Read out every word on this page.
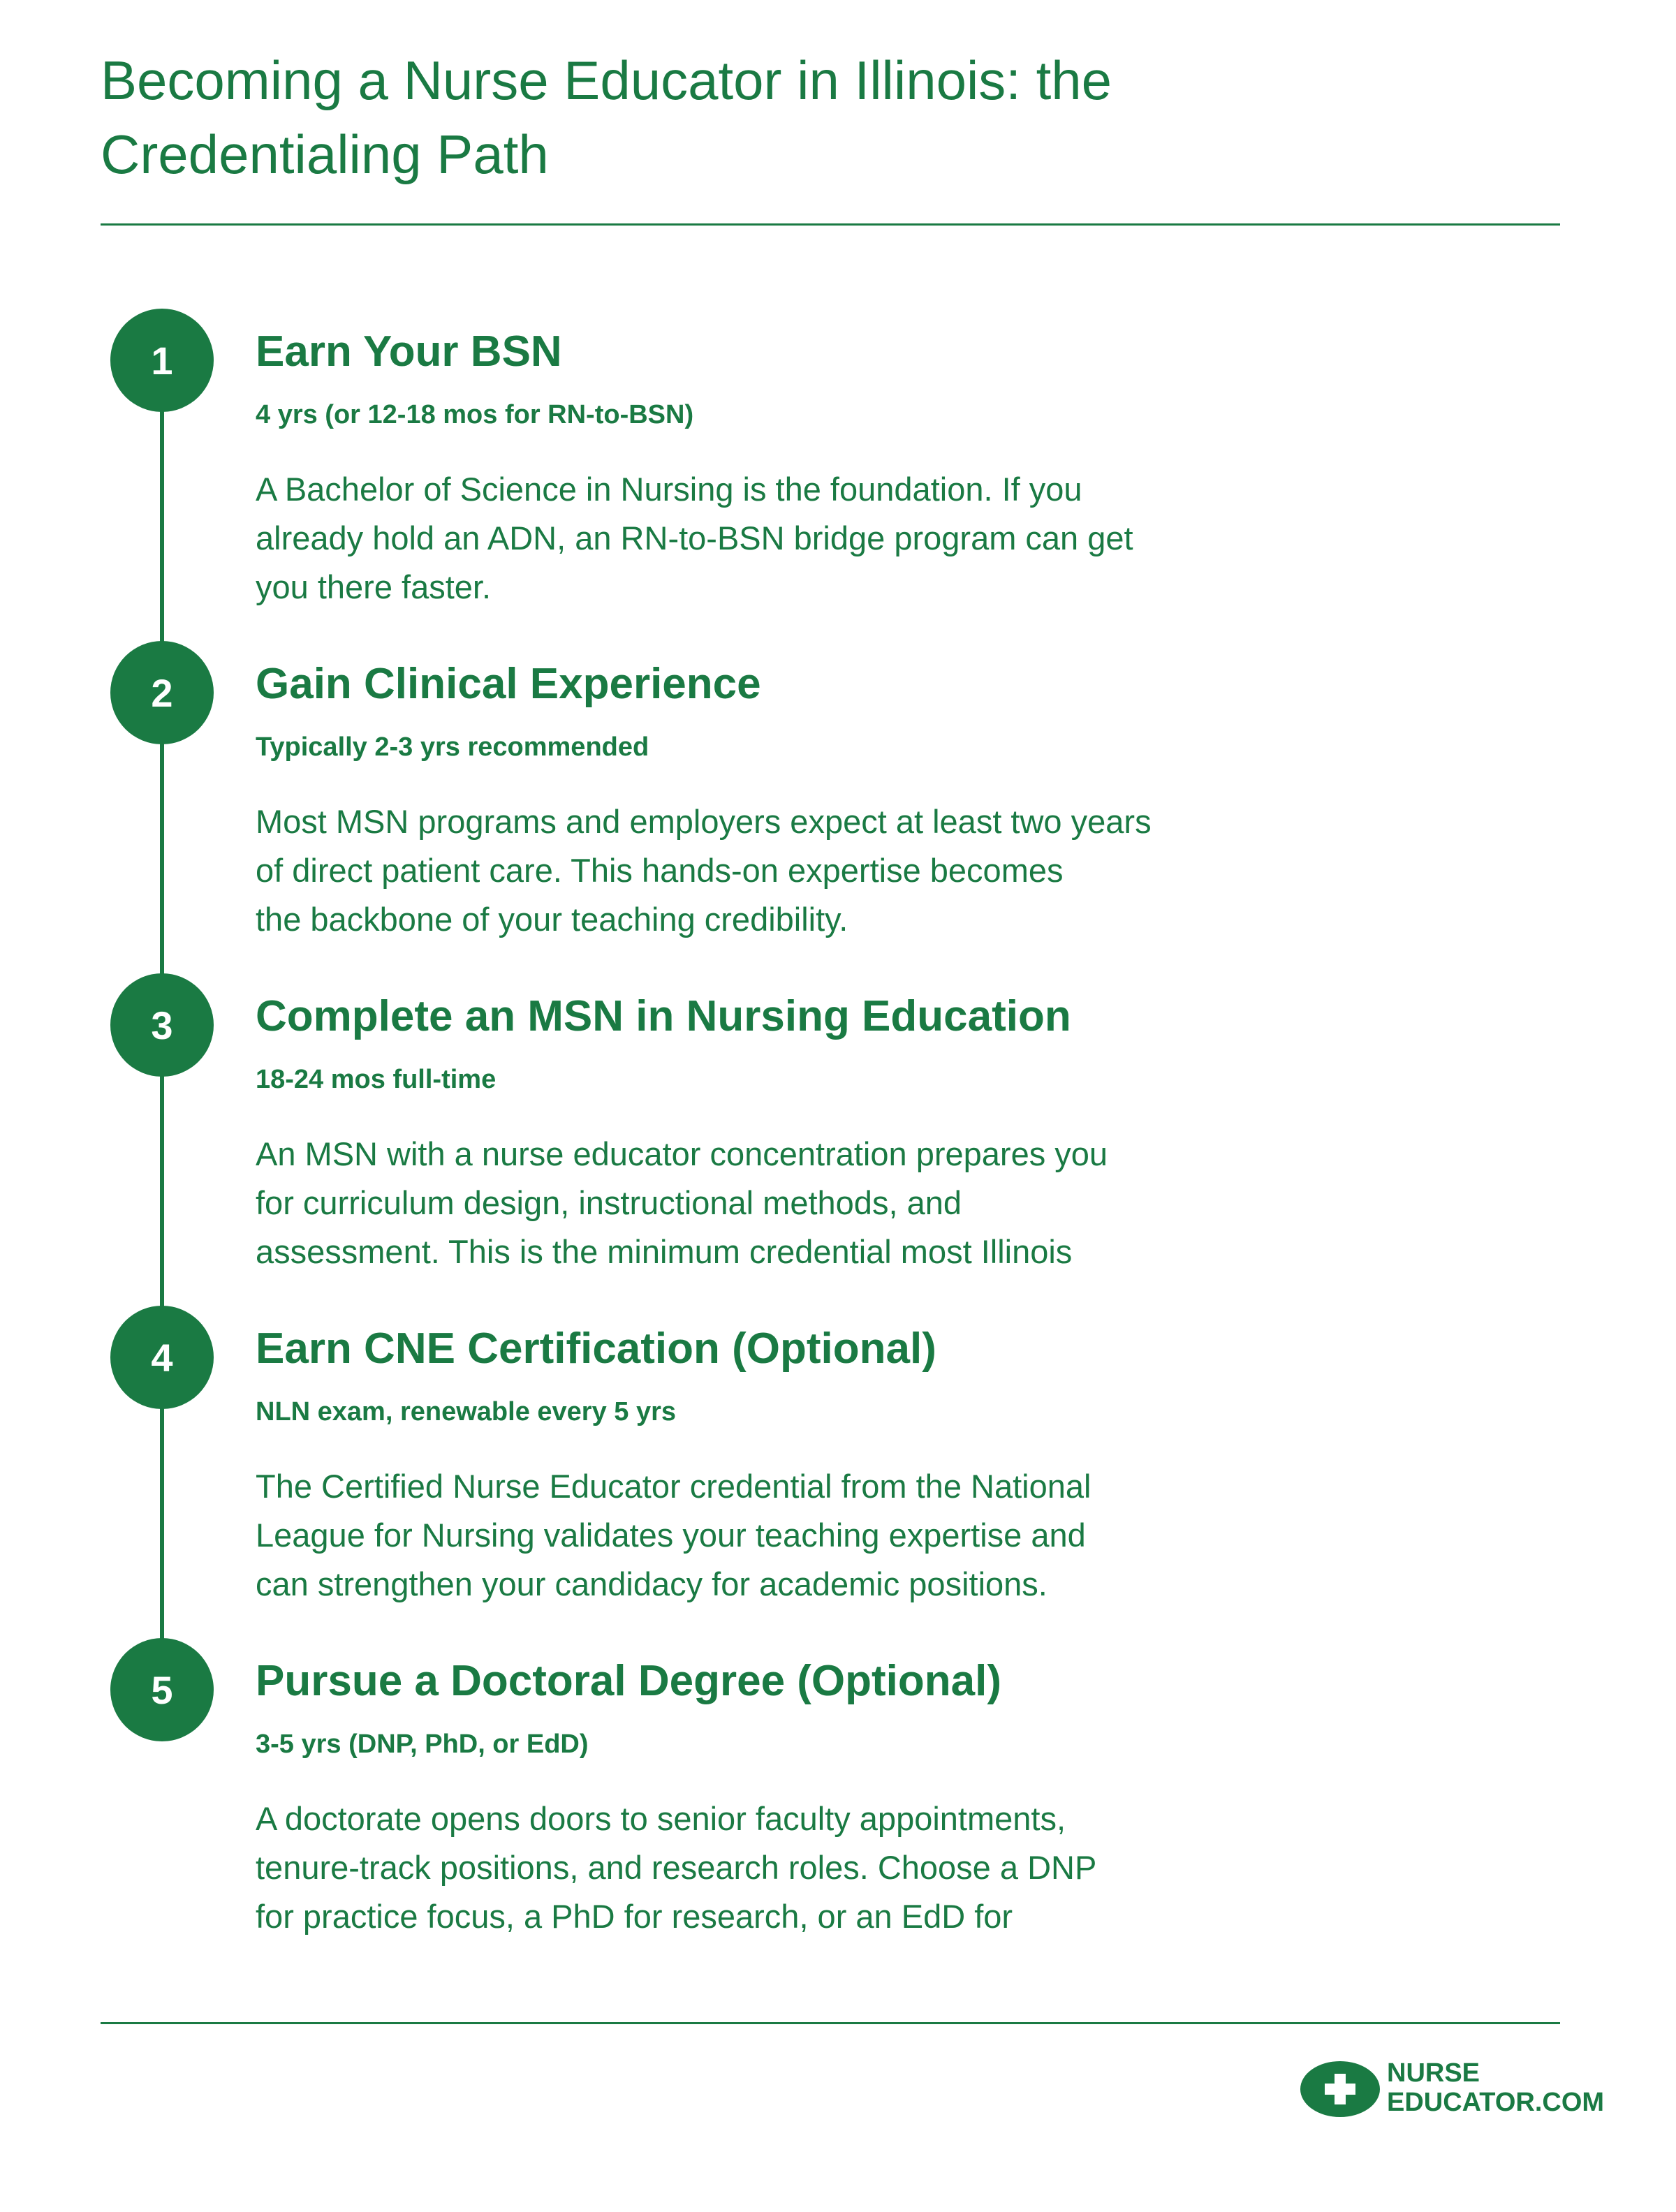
Becoming a Nurse Educator in Illinois: the
Credentialing Path
1	Earn Your BSN
4 yrs (or 12-18 mos for RN-to-BSN)

A Bachelor of Science in Nursing is the foundation. If you
already hold an ADN, an RN-to-BSN bridge program can get
you there faster.

2	Gain Clinical Experience
Typically 2-3 yrs recommended

Most MSN programs and employers expect at least two years
of direct patient care. This hands-on expertise becomes
the backbone of your teaching credibility.

3	Complete an MSN in Nursing Education
18-24 mos full-time

An MSN with a nurse educator concentration prepares you
for curriculum design, instructional methods, and
assessment. This is the minimum credential most Illinois

4	Earn CNE Certification (Optional)
NLN exam, renewable every 5 yrs

The Certified Nurse Educator credential from the National
League for Nursing validates your teaching expertise and
can strengthen your candidacy for academic positions.

5	Pursue a Doctoral Degree (Optional)
3-5 yrs (DNP, PhD, or EdD)

A doctorate opens doors to senior faculty appointments,
tenure-track positions, and research roles. Choose a DNP
for practice focus, a PhD for research, or an EdD for

NURSE
EDUCATOR.COM
